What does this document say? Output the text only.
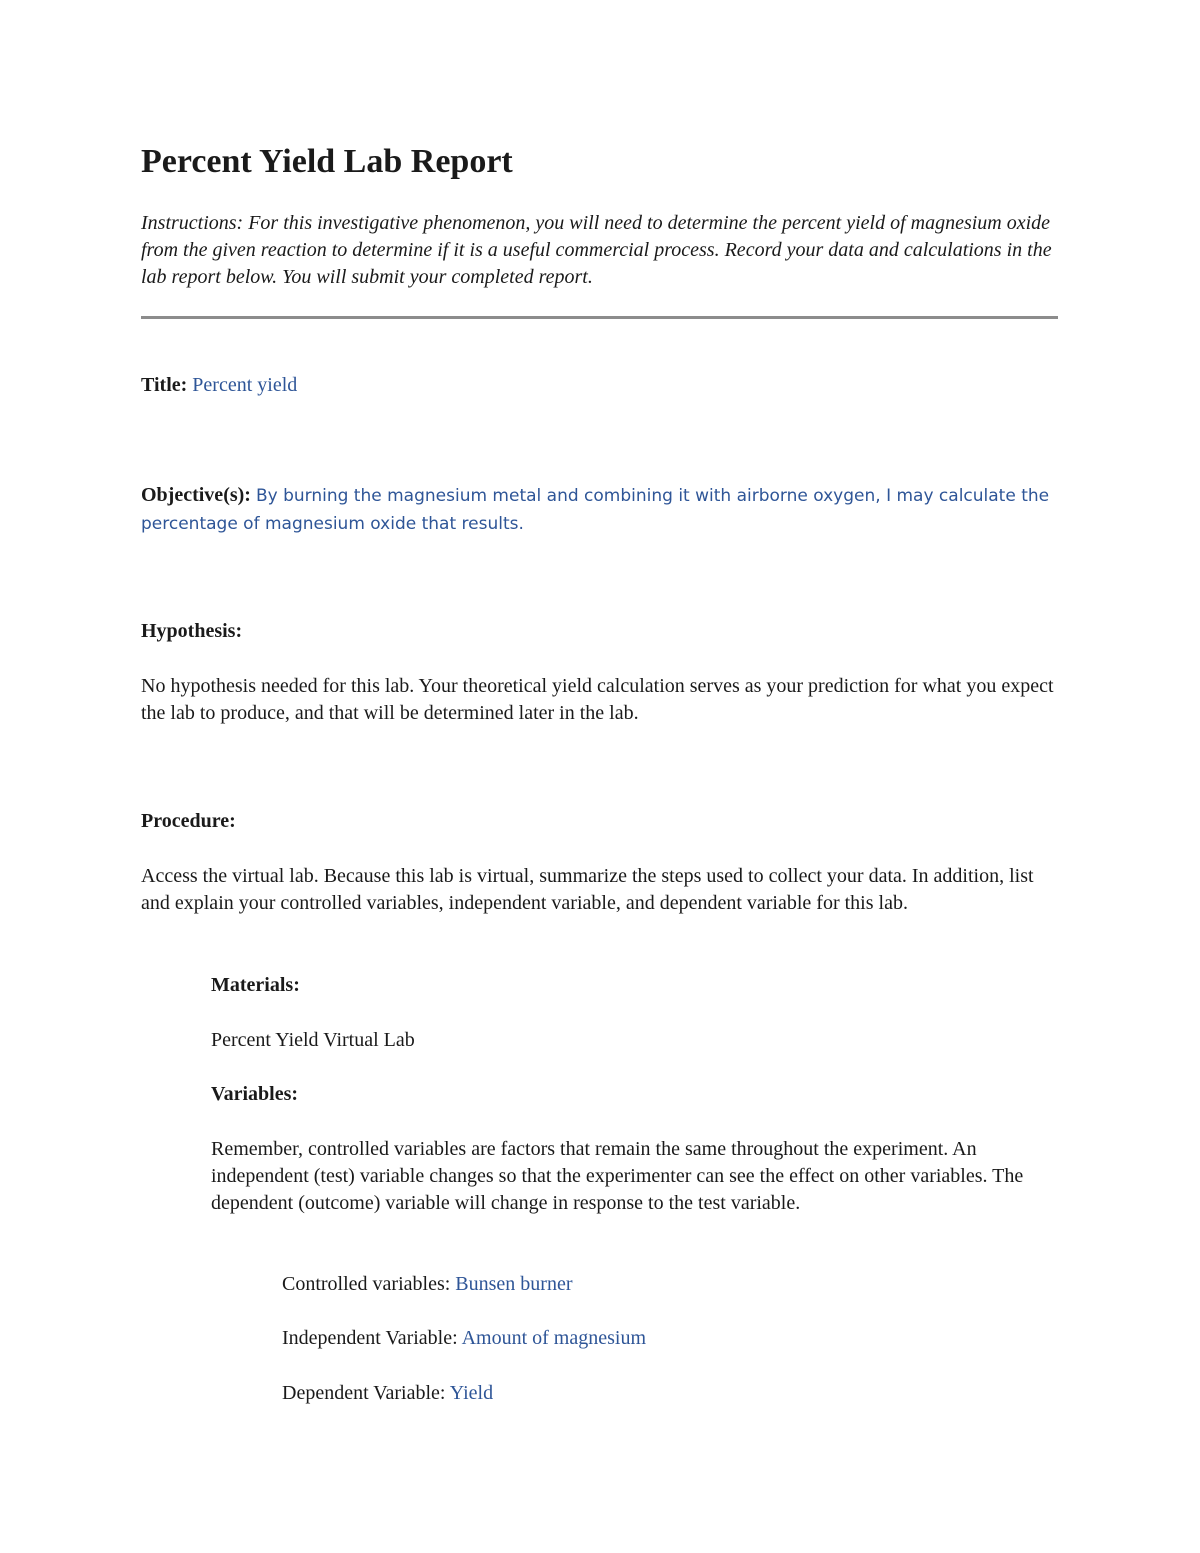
Percent Yield Lab Report
Instructions: For this investigative phenomenon, you will need to determine the percent yield of magnesium oxide from the given reaction to determine if it is a useful commercial process. Record your data and calculations in the lab report below. You will submit your completed report.
Title: Percent yield
Objective(s): By burning the magnesium metal and combining it with airborne oxygen, I may calculate the percentage of magnesium oxide that results.
Hypothesis:
No hypothesis needed for this lab. Your theoretical yield calculation serves as your prediction for what you expect the lab to produce, and that will be determined later in the lab.
Procedure:
Access the virtual lab. Because this lab is virtual, summarize the steps used to collect your data. In addition, list and explain your controlled variables, independent variable, and dependent variable for this lab.
Materials:
Percent Yield Virtual Lab
Variables:
Remember, controlled variables are factors that remain the same throughout the experiment. An independent (test) variable changes so that the experimenter can see the effect on other variables. The dependent (outcome) variable will change in response to the test variable.
Controlled variables: Bunsen burner
Independent Variable: Amount of magnesium
Dependent Variable: Yield
